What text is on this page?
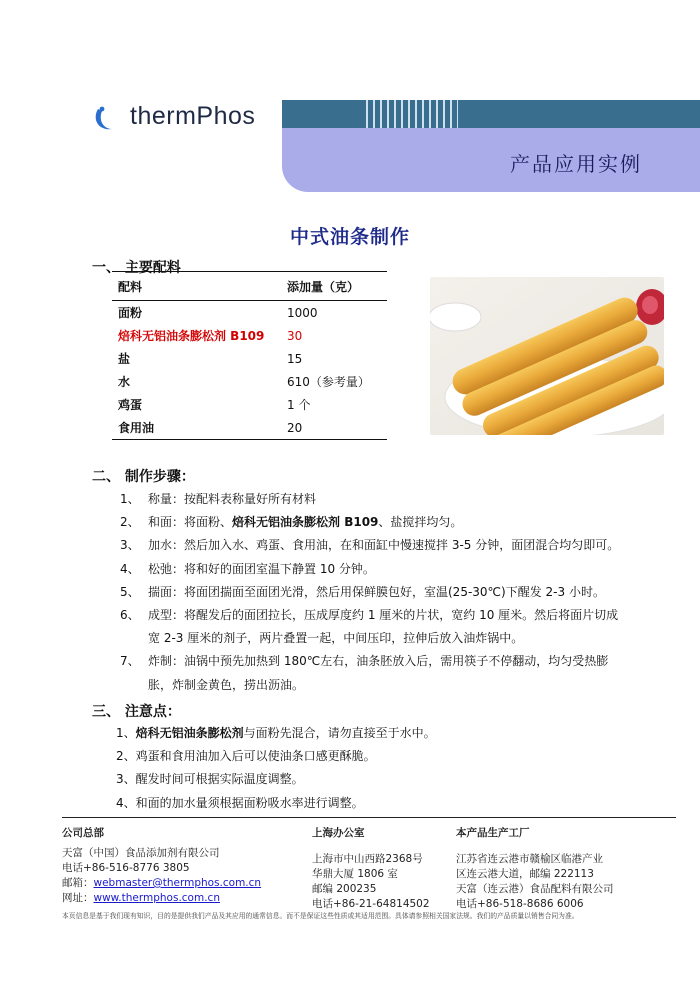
thermPhos
产品应用实例
中式油条制作
一、 主要配料
配料	添加量（克）
面粉	1000
焙科无铝油条膨松剂 B109	30
盐	15
水	610（参考量）
鸡蛋	1 个
食用油	20
二、 制作步骤：
1、 称量：按配料表称量好所有材料
2、 和面：将面粉、焙科无铝油条膨松剂 B109、盐搅拌均匀。
3、 加水：然后加入水、鸡蛋、食用油，在和面缸中慢速搅拌 3-5 分钟，面团混合均匀即可。
4、 松弛：将和好的面团室温下静置 10 分钟。
5、 揣面：将面团揣面至面团光滑，然后用保鲜膜包好，室温(25-30℃)下醒发 2-3 小时。
6、 成型：将醒发后的面团拉长，压成厚度约 1 厘米的片状，宽约 10 厘米。然后将面片切成
宽 2-3 厘米的剂子，两片叠置一起，中间压印，拉伸后放入油炸锅中。
7、 炸制：油锅中预先加热到 180℃左右，油条胚放入后，需用筷子不停翻动，均匀受热膨
胀，炸制金黄色，捞出沥油。
三、 注意点：
1、焙科无铝油条膨松剂与面粉先混合，请勿直接至于水中。
2、鸡蛋和食用油加入后可以使油条口感更酥脆。
3、醒发时间可根据实际温度调整。
4、和面的加水量须根据面粉吸水率进行调整。
公司总部
天富（中国）食品添加剂有限公司
电话+86-516-8776 3805
邮箱：webmaster@thermphos.com.cn
网址：www.thermphos.com.cn
上海办公室
上海市中山西路2368号
华鼎大厦 1806 室
邮编 200235
电话+86-21-64814502
本产品生产工厂
江苏省连云港市赣榆区临港产业
区连云港大道，邮编 222113
天富（连云港）食品配料有限公司
电话+86-518-8686 6006
本页信息是基于我们现有知识，目的是提供我们产品及其应用的通常信息。而不是保证这些性质或其适用范围。具体请参照相关国家法规。我们的产品质量以销售合同为准。
